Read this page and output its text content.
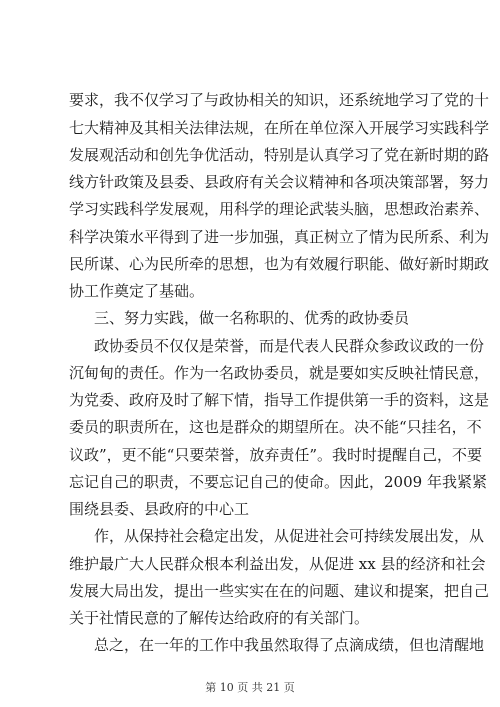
要求，我不仅学习了与政协相关的知识，还系统地学习了党的十
七大精神及其相关法律法规，在所在单位深入开展学习实践科学
发展观活动和创先争优活动，特别是认真学习了党在新时期的路
线方针政策及县委、县政府有关会议精神和各项决策部署，努力
学习实践科学发展观，用科学的理论武装头脑，思想政治素养、
科学决策水平得到了进一步加强，真正树立了情为民所系、利为
民所谋、心为民所牵的思想，也为有效履行职能、做好新时期政
协工作奠定了基础。
三、努力实践，做一名称职的、优秀的政协委员
政协委员不仅仅是荣誉，而是代表人民群众参政议政的一份
沉甸甸的责任。作为一名政协委员，就是要如实反映社情民意，
为党委、政府及时了解下情，指导工作提供第一手的资料，这是
委员的职责所在，这也是群众的期望所在。决不能“只挂名，不
议政”，更不能“只要荣誉，放弃责任”。我时时提醒自己，不要
忘记自己的职责，不要忘记自己的使命。因此，2009 年我紧紧
围绕县委、县政府的中心工
作，从保持社会稳定出发，从促进社会可持续发展出发，从
维护最广大人民群众根本利益出发，从促进 xx 县的经济和社会
发展大局出发，提出一些实实在在的问题、建议和提案，把自己
关于社情民意的了解传达给政府的有关部门。
总之，在一年的工作中我虽然取得了点滴成绩，但也清醒地
第 10 页 共 21 页
